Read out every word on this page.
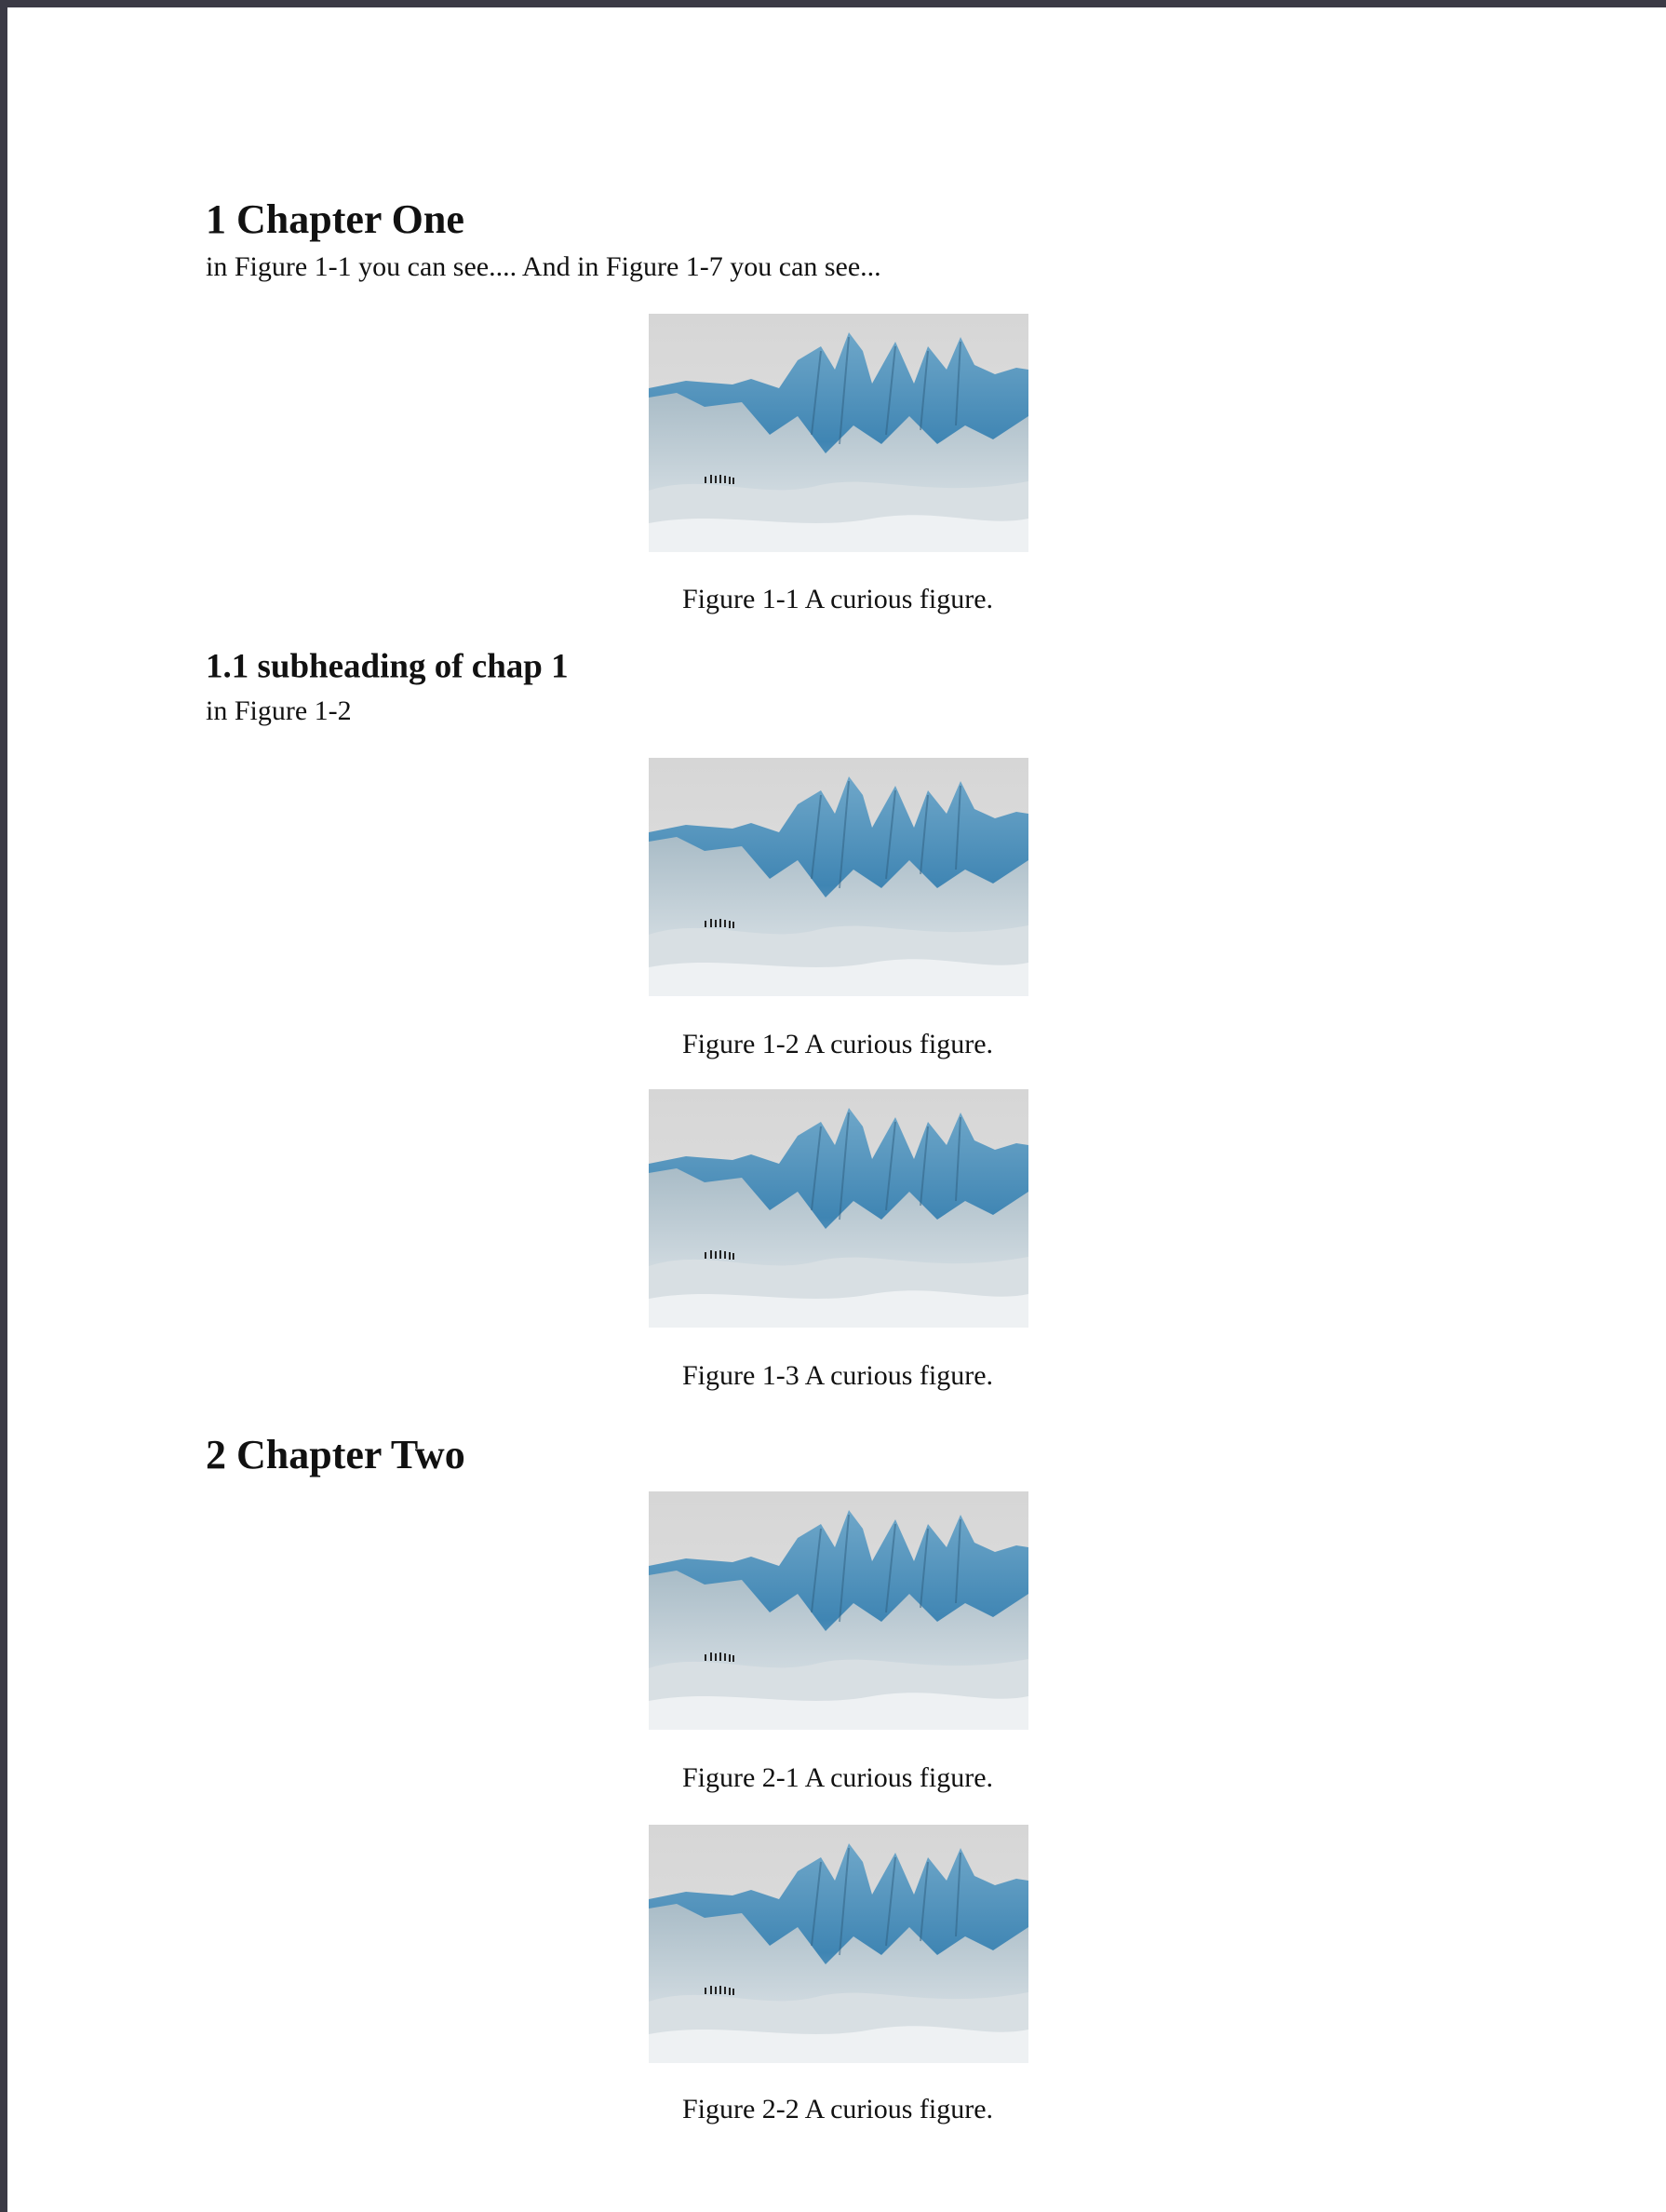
1 Chapter One

in Figure 1-1 you can see.... And in Figure 1-7 you can see...

Figure 1-1 A curious figure.
1.1 subheading of chap 1

in Figure 1-2

Figure 1-2 A curious figure.
Figure 1-3 A curious figure.
2 Chapter Two
Figure 2-1 A curious figure.
Figure 2-2 A curious figure.
